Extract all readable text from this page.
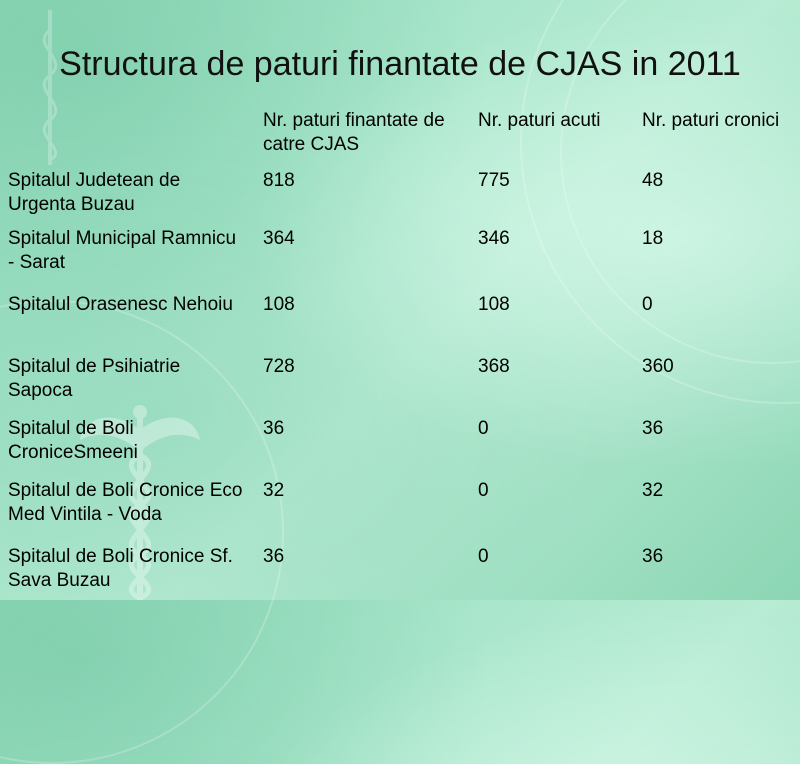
Structura de paturi finantate de CJAS in 2011
	Nr. paturi finantate de catre CJAS	Nr. paturi acuti	Nr. paturi cronici
Spitalul Judetean de Urgenta Buzau	818	775	48
Spitalul Municipal Ramnicu - Sarat	364	346	18
Spitalul Orasenesc Nehoiu	108	108	0
Spitalul de Psihiatrie Sapoca	728	368	360
Spitalul de Boli CroniceSmeeni	36	0	36
Spitalul de Boli Cronice Eco Med Vintila - Voda	32	0	32
Spitalul de Boli Cronice Sf. Sava Buzau	36	0	36
